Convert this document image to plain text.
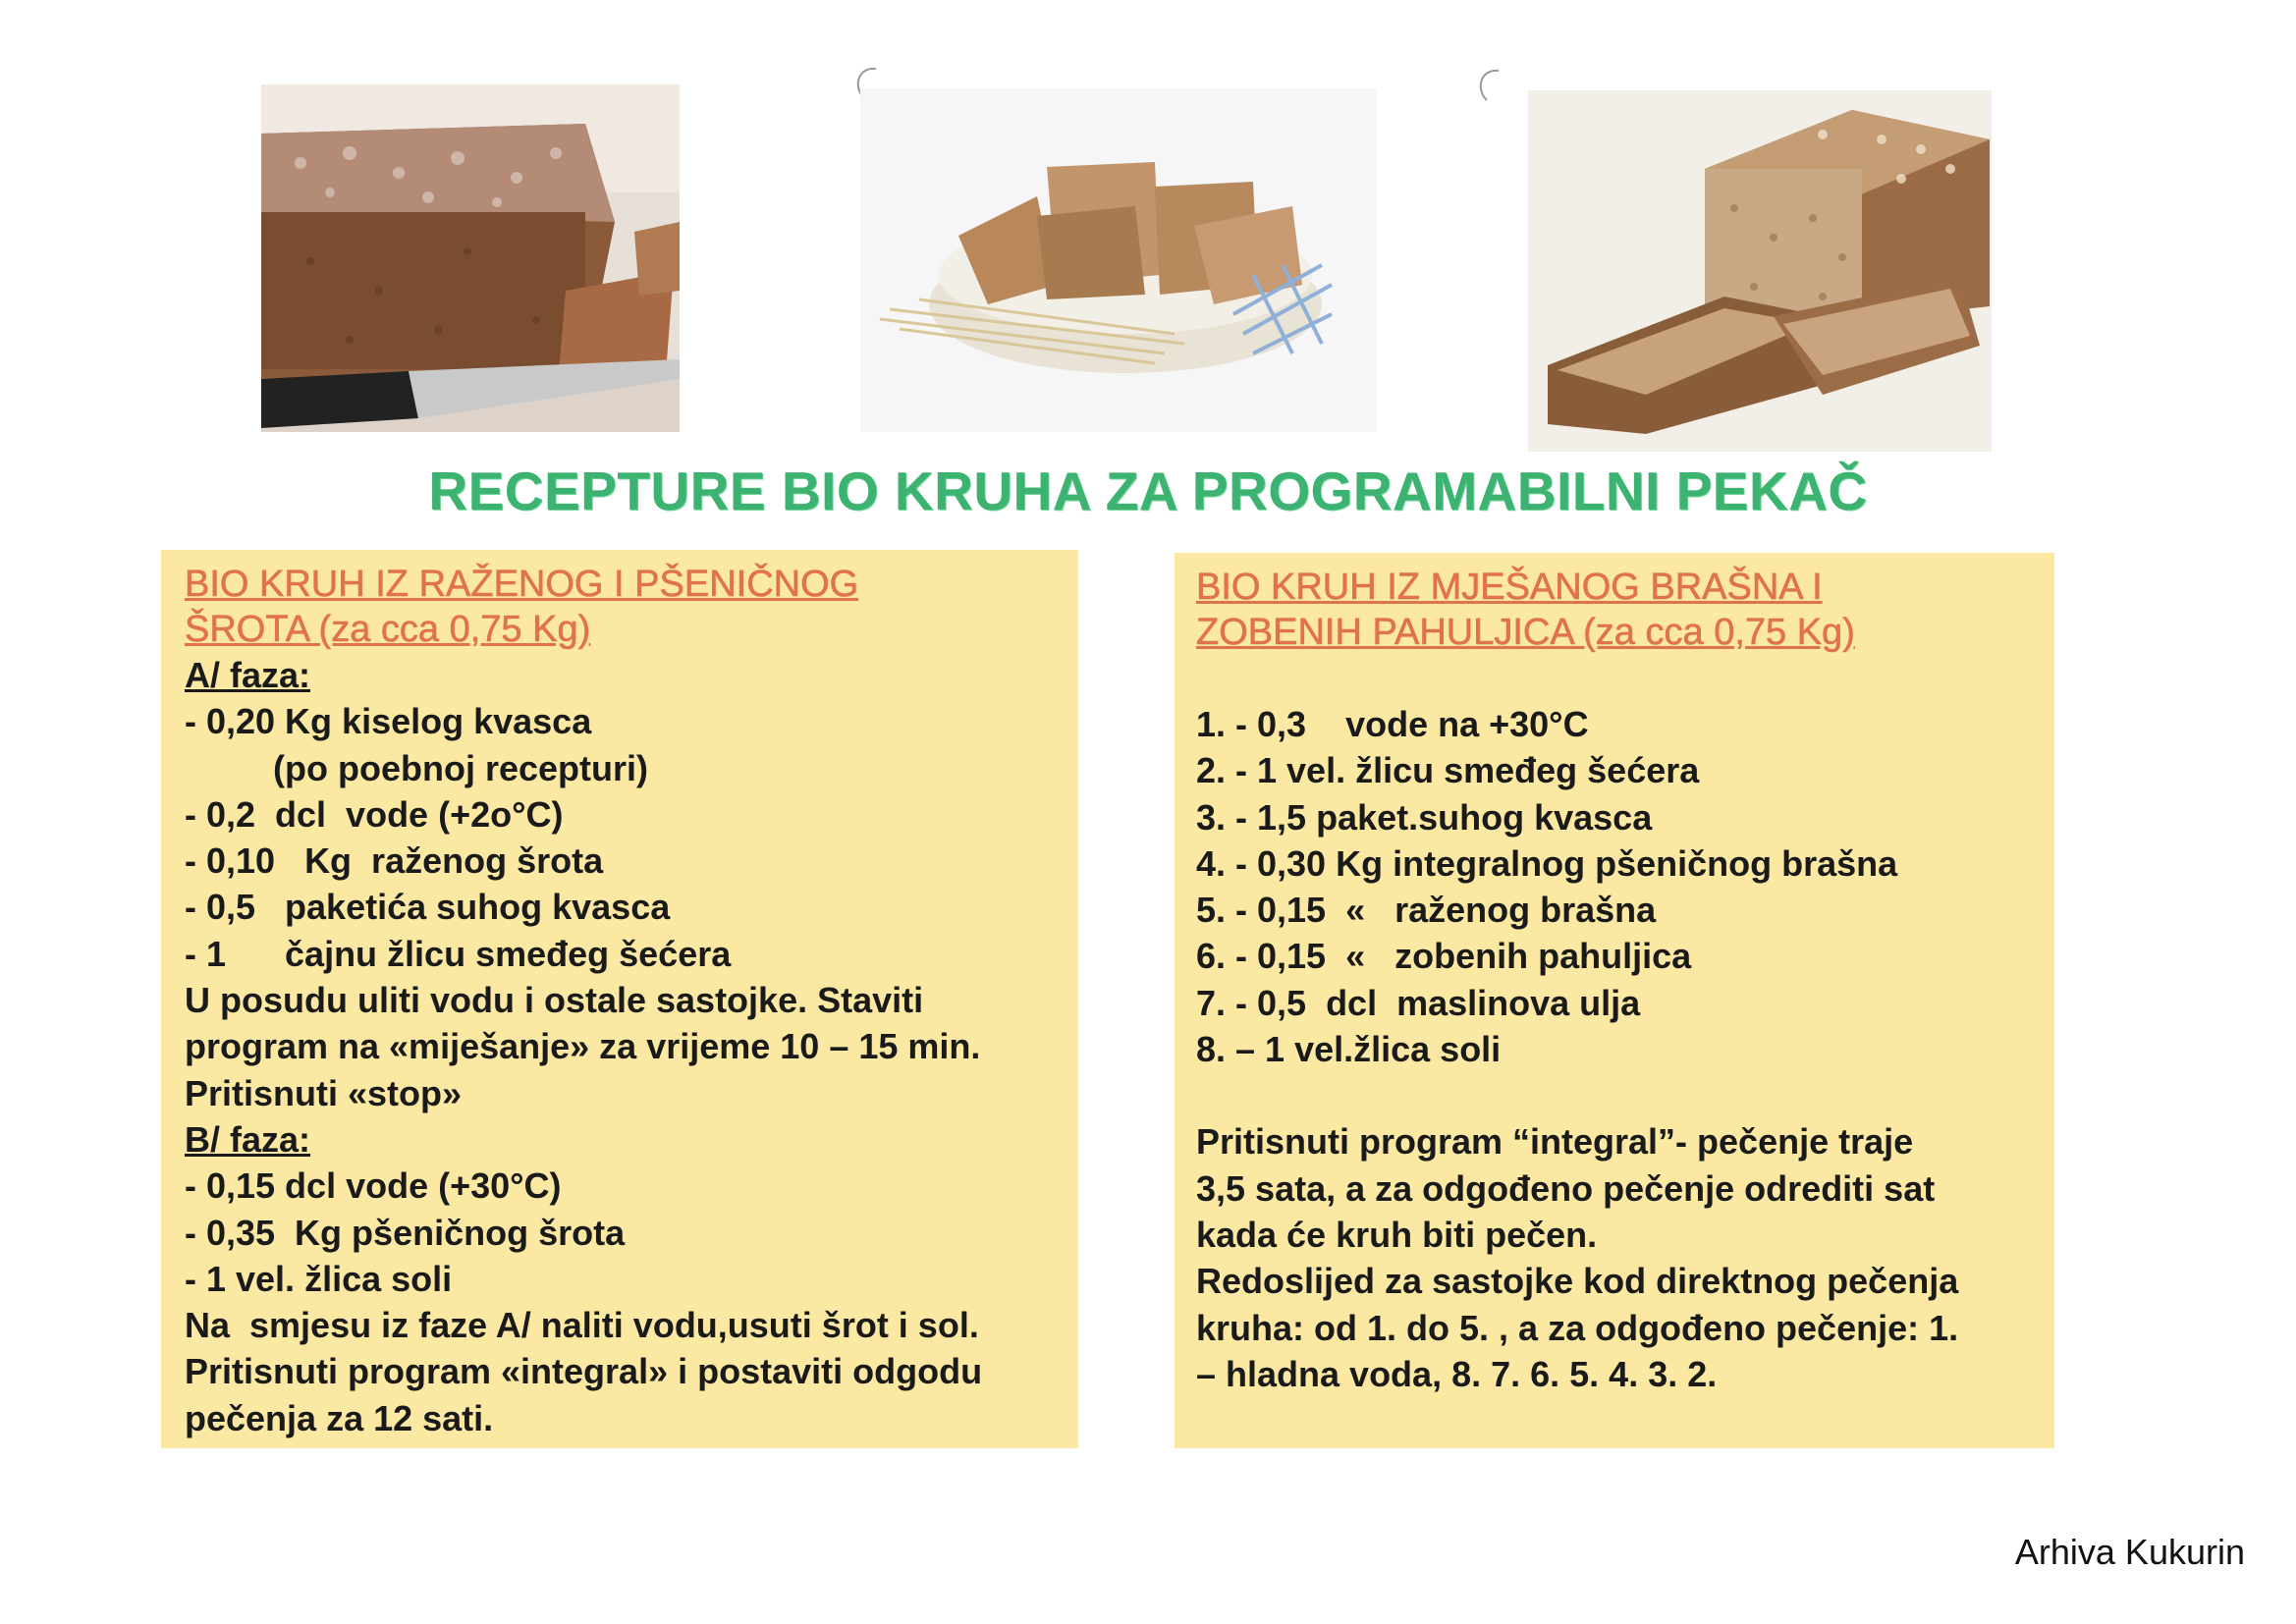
RECEPTURE BIO KRUHA ZA PROGRAMABILNI PEKAČ
BIO KRUH IZ RAŽENOG I PŠENIČNOG
ŠROTA (za cca 0,75 Kg)
A/ faza:
- 0,20 Kg kiselog kvasca
(po poebnoj recepturi)
- 0,2  dcl  vode (+2o°C)
- 0,10   Kg  raženog šrota
- 0,5   paketića suhog kvasca
- 1      čajnu žlicu smeđeg šećera
U posudu uliti vodu i ostale sastojke. Staviti
program na «miješanje» za vrijeme 10 – 15 min.
Pritisnuti «stop»
B/ faza:
- 0,15 dcl vode (+30°C)
- 0,35  Kg pšeničnog šrota
- 1 vel. žlica soli
Na  smjesu iz faze A/ naliti vodu,usuti šrot i sol.
Pritisnuti program «integral» i postaviti odgodu
pečenja za 12 sati.
BIO KRUH IZ MJEŠANOG BRAŠNA I
ZOBENIH PAHULJICA (za cca 0,75 Kg)
1. - 0,3    vode na +30°C
2. - 1 vel. žlicu smeđeg šećera
3. - 1,5 paket.suhog kvasca
4. - 0,30 Kg integralnog pšeničnog brašna
5. - 0,15  «   raženog brašna
6. - 0,15  «   zobenih pahuljica
7. - 0,5  dcl  maslinova ulja
8. – 1 vel.žlica soli
Pritisnuti program “integral”- pečenje traje
3,5 sata, a za odgođeno pečenje odrediti sat
kada će kruh biti pečen.
Redoslijed za sastojke kod direktnog pečenja
kruha: od 1. do 5. , a za odgođeno pečenje: 1.
– hladna voda, 8. 7. 6. 5. 4. 3. 2.
Arhiva Kukurin
